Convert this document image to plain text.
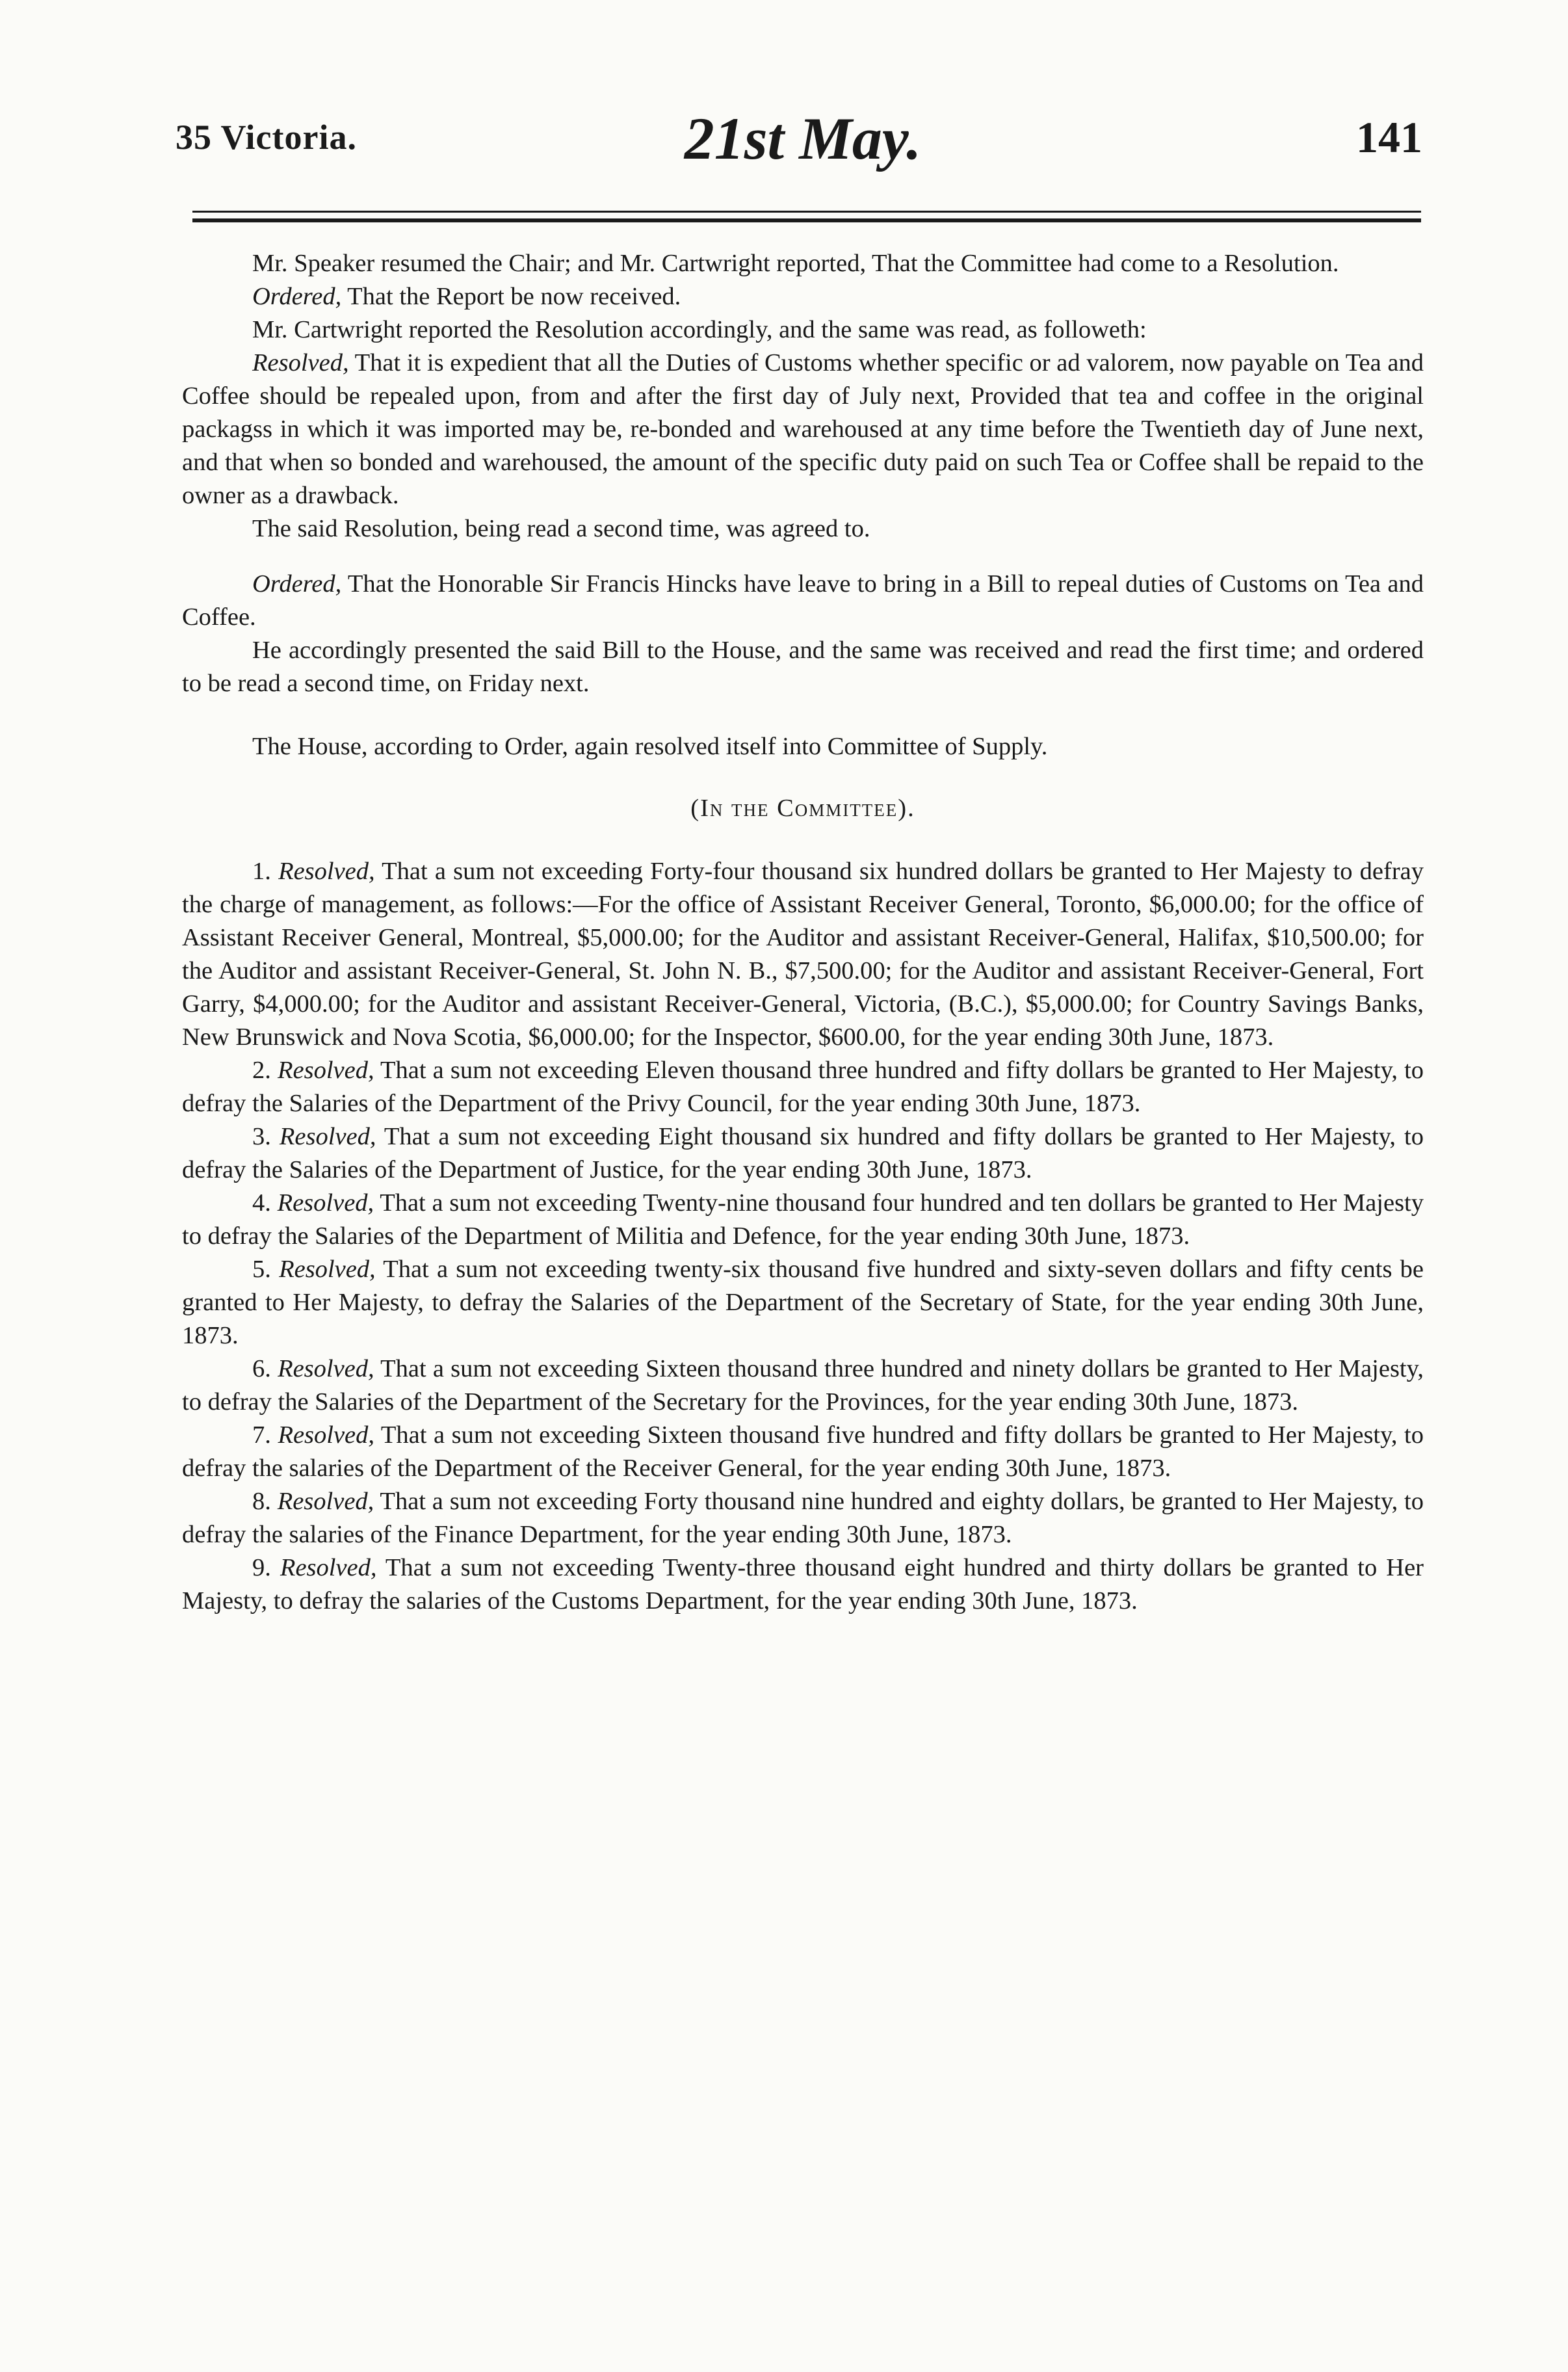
35 Victoria.	21st May.	141

Mr. Speaker resumed the Chair; and Mr. Cartwright reported, That the Committee had come to a Resolution.

Ordered, That the Report be now received.

Mr. Cartwright reported the Resolution accordingly, and the same was read, as followeth:

Resolved, That it is expedient that all the Duties of Customs whether specific or ad valorem, now payable on Tea and Coffee should be repealed upon, from and after the first day of July next, Provided that tea and coffee in the original packagss in which it was imported may be, re-bonded and warehoused at any time before the Twentieth day of June next, and that when so bonded and warehoused, the amount of the specific duty paid on such Tea or Coffee shall be repaid to the owner as a drawback.

The said Resolution, being read a second time, was agreed to.

Ordered, That the Honorable Sir Francis Hincks have leave to bring in a Bill to repeal duties of Customs on Tea and Coffee.

He accordingly presented the said Bill to the House, and the same was received and read the first time; and ordered to be read a second time, on Friday next.

The House, according to Order, again resolved itself into Committee of Supply.

(In the Committee).

1. Resolved, That a sum not exceeding Forty-four thousand six hundred dollars be granted to Her Majesty to defray the charge of management, as follows:—For the office of Assistant Receiver General, Toronto, $6,000.00; for the office of Assistant Receiver General, Montreal, $5,000.00; for the Auditor and assistant Receiver-General, Halifax, $10,500.00; for the Auditor and assistant Receiver-General, St. John N. B., $7,500.00; for the Auditor and assistant Receiver-General, Fort Garry, $4,000.00; for the Auditor and assistant Receiver-General, Victoria, (B.C.), $5,000.00; for Country Savings Banks, New Brunswick and Nova Scotia, $6,000.00; for the Inspector, $600.00, for the year ending 30th June, 1873.

2. Resolved, That a sum not exceeding Eleven thousand three hundred and fifty dollars be granted to Her Majesty, to defray the Salaries of the Department of the Privy Council, for the year ending 30th June, 1873.

3. Resolved, That a sum not exceeding Eight thousand six hundred and fifty dollars be granted to Her Majesty, to defray the Salaries of the Department of Justice, for the year ending 30th June, 1873.

4. Resolved, That a sum not exceeding Twenty-nine thousand four hundred and ten dollars be granted to Her Majesty to defray the Salaries of the Department of Militia and Defence, for the year ending 30th June, 1873.

5. Resolved, That a sum not exceeding twenty-six thousand five hundred and sixty-seven dollars and fifty cents be granted to Her Majesty, to defray the Salaries of the Department of the Secretary of State, for the year ending 30th June, 1873.

6. Resolved, That a sum not exceeding Sixteen thousand three hundred and ninety dollars be granted to Her Majesty, to defray the Salaries of the Department of the Secretary for the Provinces, for the year ending 30th June, 1873.

7. Resolved, That a sum not exceeding Sixteen thousand five hundred and fifty dollars be granted to Her Majesty, to defray the salaries of the Department of the Receiver General, for the year ending 30th June, 1873.

8. Resolved, That a sum not exceeding Forty thousand nine hundred and eighty dollars, be granted to Her Majesty, to defray the salaries of the Finance Department, for the year ending 30th June, 1873.

9. Resolved, That a sum not exceeding Twenty-three thousand eight hundred and thirty dollars be granted to Her Majesty, to defray the salaries of the Customs Department, for the year ending 30th June, 1873.
